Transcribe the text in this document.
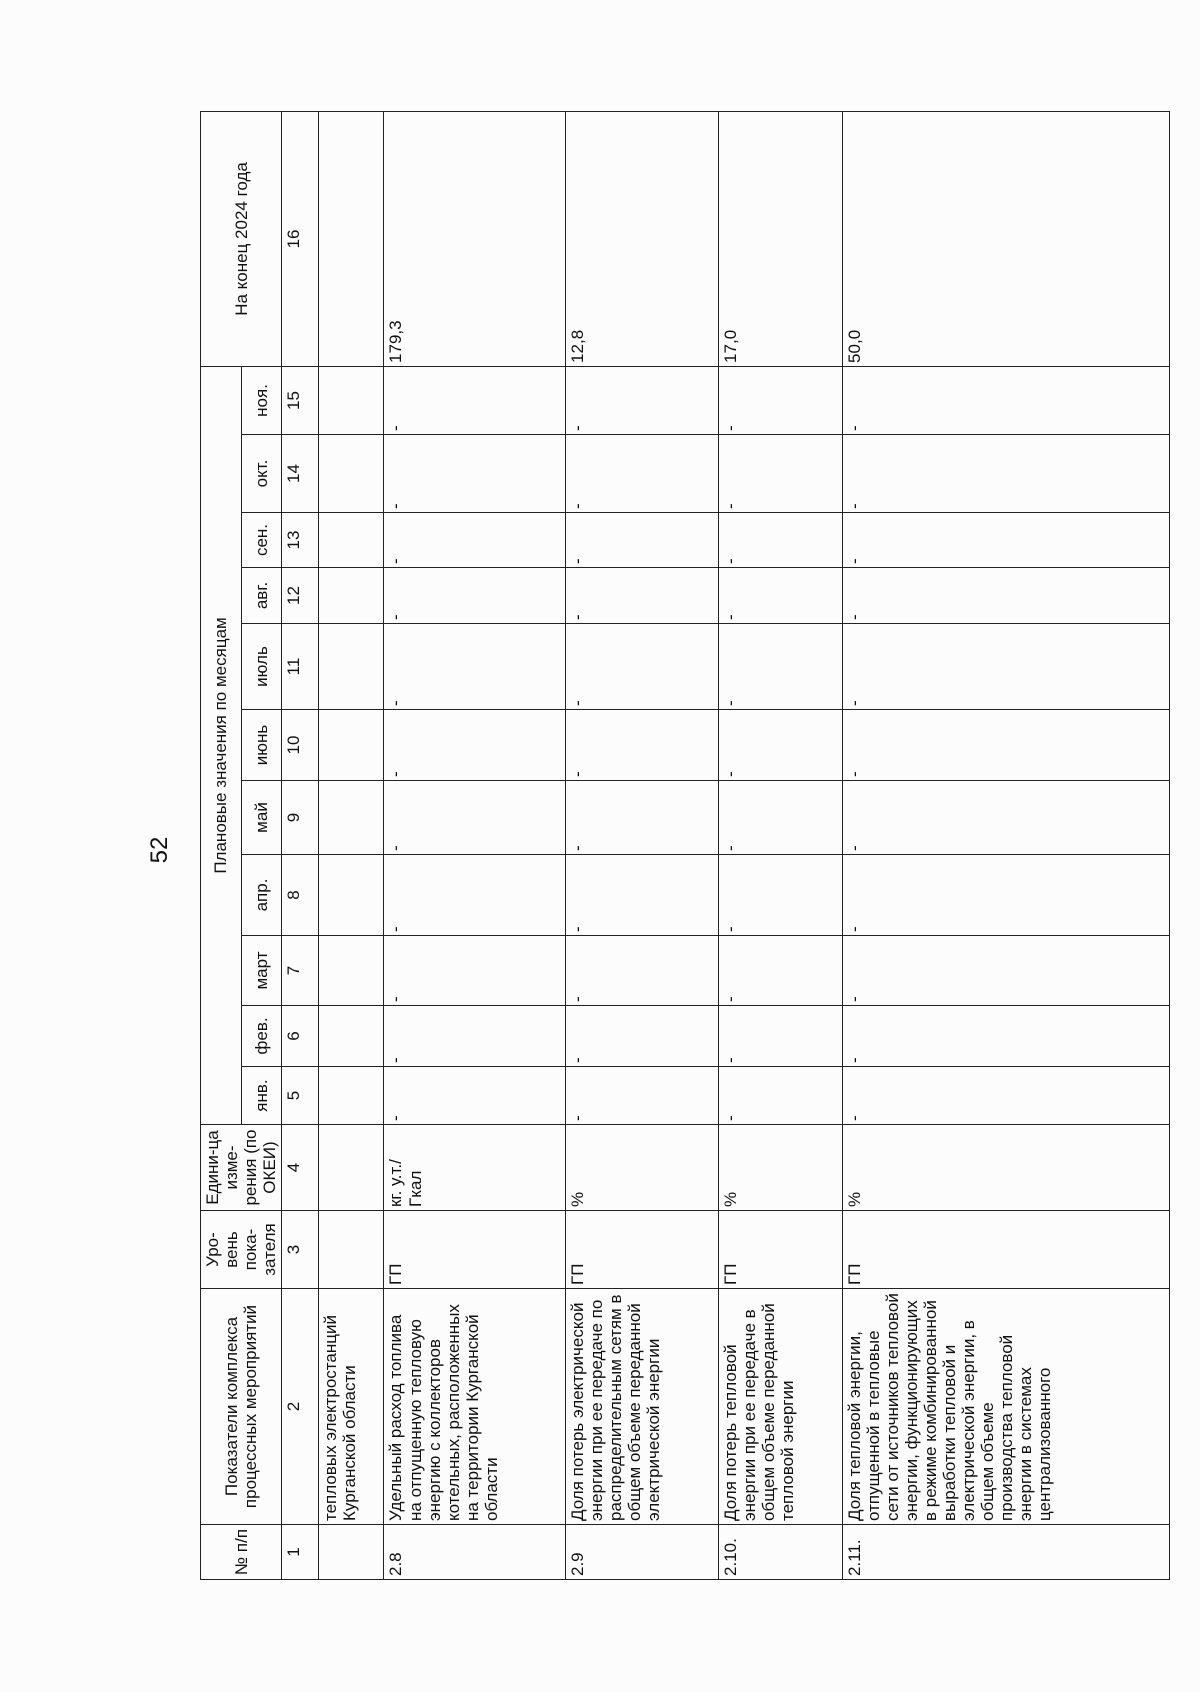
52
№ п/п	Показатели комплекса процессных мероприятий	Уро-вень пока-зателя	Едини-ца изме-рения (по ОКЕИ)	Плановые значения по месяцам											На конец 2024 года
				янв.	фев.	март	апр.	май	июнь	июль	авг.	сен.	окт.	ноя.	
1	2	3	4	5	6	7	8	9	10	11	12	13	14	15	16
	тепловых электростанций Курганской области														
2.8	Удельный расход топлива на отпущенную тепловую энергию с коллекторов котельных, расположенных на территории Курганской области	ГП	кг. у.т./ Гкал	-	-	-	-	-	-	-	-	-	-	-	179,3
2.9	Доля потерь электрической энергии при ее передаче по распределительным сетям в общем объеме переданной электрической энергии	ГП	%	-	-	-	-	-	-	-	-	-	-	-	12,8
2.10.	Доля потерь тепловой энергии при ее передаче в общем объеме переданной тепловой энергии	ГП	%	-	-	-	-	-	-	-	-	-	-	-	17,0
2.11.	Доля тепловой энергии, отпущенной в тепловые сети от источников тепловой энергии, функционирующих в режиме комбинированной выработки тепловой и электрической энергии, в общем объеме производства тепловой энергии в системах централизованного	ГП	%	-	-	-	-	-	-	-	-	-	-	-	50,0
